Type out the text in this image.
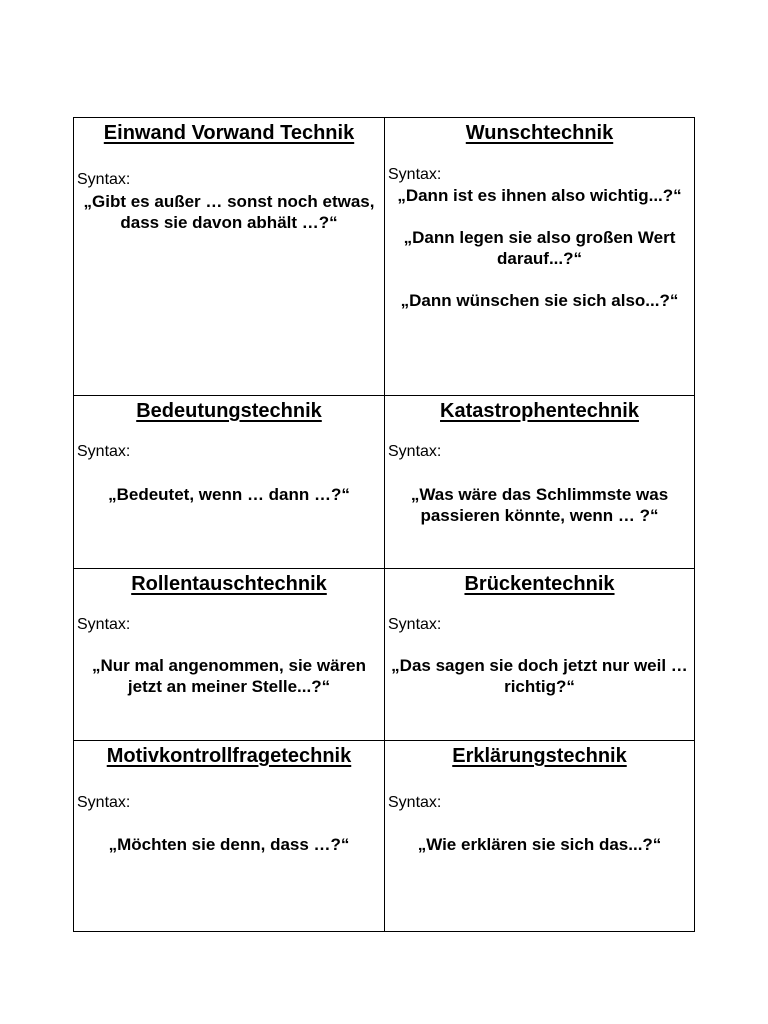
Einwand Vorwand Technik
Syntax:

„Gibt es außer … sonst noch etwas, dass sie davon abhält …?“

Wunschtechnik
Syntax:

„Dann ist es ihnen also wichtig...?“

„Dann legen sie also großen Wert darauf...?“

„Dann wünschen sie sich also...?“

Bedeutungstechnik
Syntax:

„Bedeutet, wenn … dann …?“

Katastrophentechnik
Syntax:

„Was wäre das Schlimmste was passieren könnte, wenn … ?“

Rollentauschtechnik
Syntax:

„Nur mal angenommen, sie wären jetzt an meiner Stelle...?“

Brückentechnik
Syntax:

„Das sagen sie doch jetzt nur weil … richtig?“

Motivkontrollfragetechnik
Syntax:

„Möchten sie denn, dass …?“

Erklärungstechnik
Syntax:

„Wie erklären sie sich das...?“
